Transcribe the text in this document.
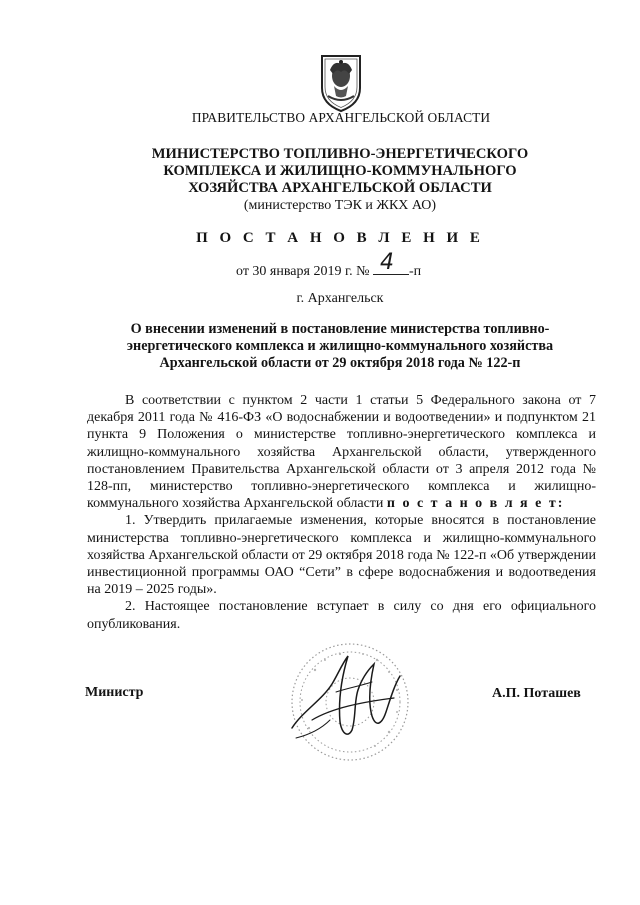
ПРАВИТЕЛЬСТВО АРХАНГЕЛЬСКОЙ ОБЛАСТИ
МИНИСТЕРСТВО ТОПЛИВНО-ЭНЕРГЕТИЧЕСКОГО
КОМПЛЕКСА И ЖИЛИЩНО-КОММУНАЛЬНОГО
ХОЗЯЙСТВА АРХАНГЕЛЬСКОЙ ОБЛАСТИ
(министерство ТЭК и ЖКХ АО)
П О С Т А Н О В Л Е Н И Е
от 30 января 2019 г. № 4 -п
г. Архангельск
О внесении изменений в постановление министерства топливно-
энергетического комплекса и жилищно-коммунального хозяйства
Архангельской области от 29 октября 2018 года № 122-п

В соответствии с пунктом 2 части 1 статьи 5 Федерального закона от 7 декабря 2011 года № 416-ФЗ «О водоснабжении и водоотведении» и подпунктом 21 пункта 9 Положения о министерстве топливно-энергетического комплекса и жилищно-коммунального хозяйства Архангельской области, утвержденного постановлением Правительства Архангельской области от 3 апреля 2012 года № 128-пп, министерство топливно-энергетического комплекса и жилищно-коммунального хозяйства Архангельской области п о с т а н о в л я е т:

1. Утвердить прилагаемые изменения, которые вносятся в постановление министерства топливно-энергетического комплекса и жилищно-коммунального хозяйства Архангельской области от 29 октября 2018 года № 122-п «Об утверждении инвестиционной программы ОАО “Сети” в сфере водоснабжения и водоотведения на 2019 – 2025 годы».

2. Настоящее постановление вступает в силу со дня его официального опубликования.

Министр	А.П. Поташев
